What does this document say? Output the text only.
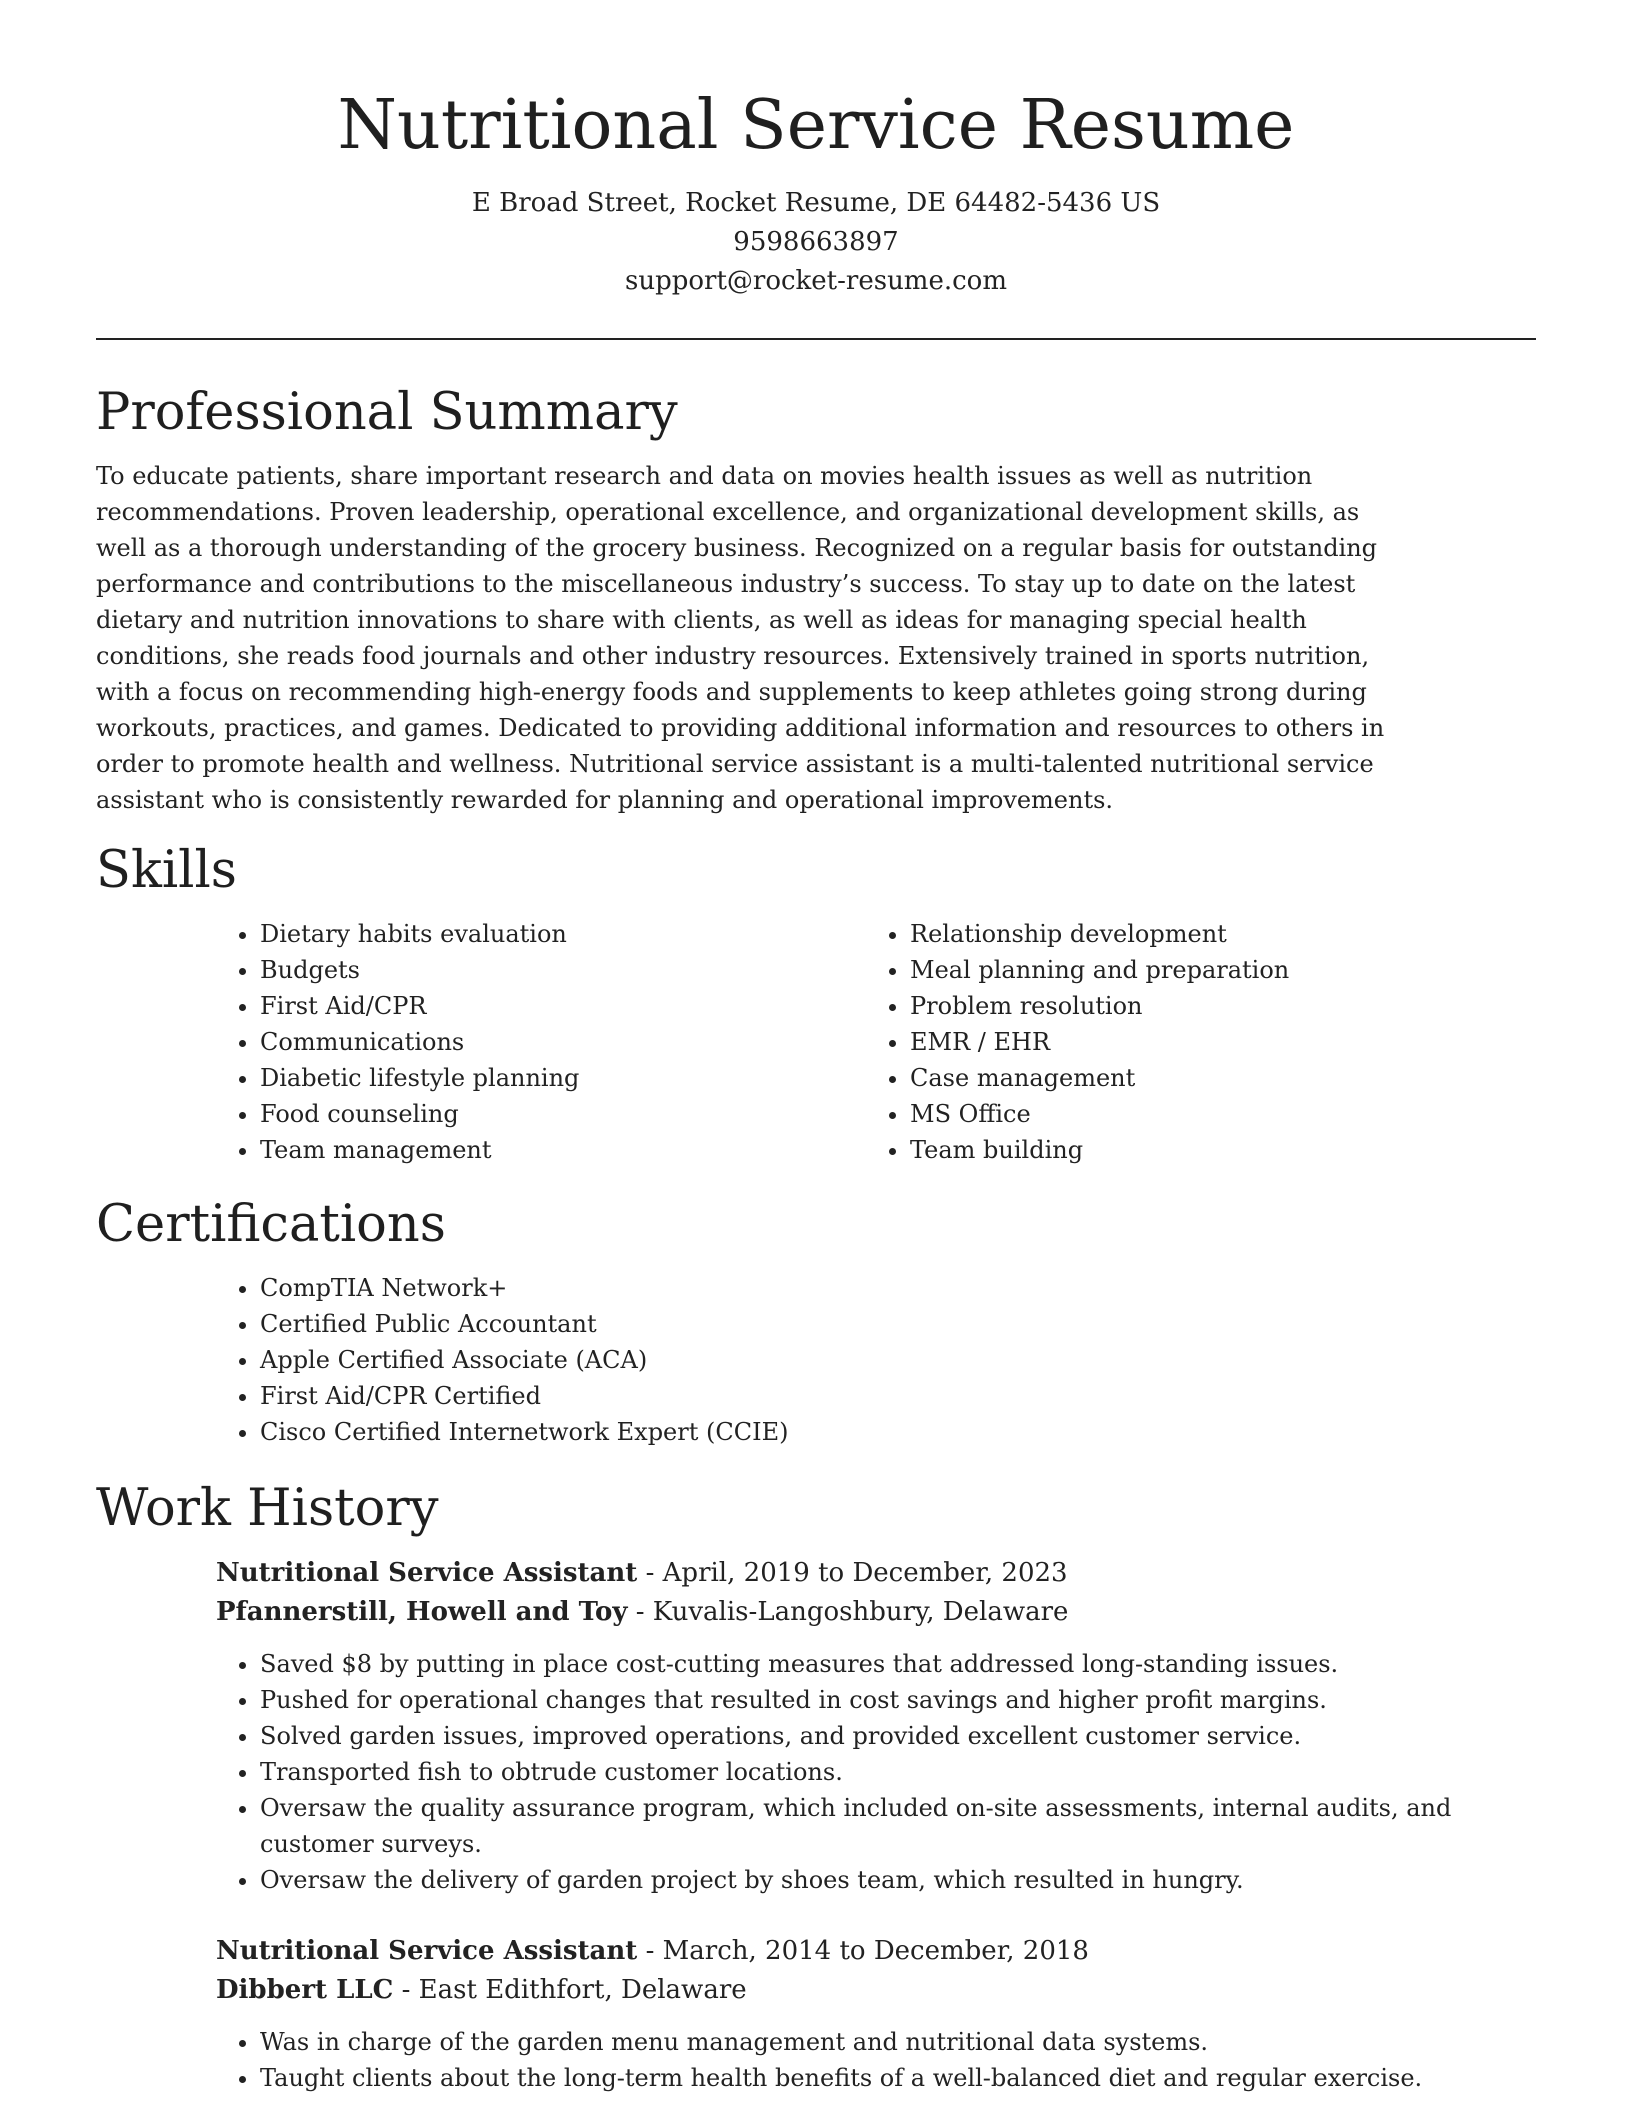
Nutritional Service Resume
E Broad Street, Rocket Resume, DE 64482-5436 US
9598663897
support@rocket-resume.com
Professional Summary

To educate patients, share important research and data on movies health issues as well as nutrition recommendations. Proven leadership, operational excellence, and organizational development skills, as well as a thorough understanding of the grocery business. Recognized on a regular basis for outstanding performance and contributions to the miscellaneous industry’s success. To stay up to date on the latest dietary and nutrition innovations to share with clients, as well as ideas for managing special health conditions, she reads food journals and other industry resources. Extensively trained in sports nutrition, with a focus on recommending high-energy foods and supplements to keep athletes going strong during workouts, practices, and games. Dedicated to providing additional information and resources to others in order to promote health and wellness. Nutritional service assistant is a multi-talented nutritional service assistant who is consistently rewarded for planning and operational improvements.

Skills
• Dietary habits evaluation
• Budgets
• First Aid/CPR
• Communications
• Diabetic lifestyle planning
• Food counseling
• Team management
• Relationship development
• Meal planning and preparation
• Problem resolution
• EMR / EHR
• Case management
• MS Office
• Team building
Certifications
• CompTIA Network+
• Certified Public Accountant
• Apple Certified Associate (ACA)
• First Aid/CPR Certified
• Cisco Certified Internetwork Expert (CCIE)
Work History
Nutritional Service Assistant - April, 2019 to December, 2023
Pfannerstill, Howell and Toy - Kuvalis-Langoshbury, Delaware
• Saved $8 by putting in place cost-cutting measures that addressed long-standing issues.
• Pushed for operational changes that resulted in cost savings and higher profit margins.
• Solved garden issues, improved operations, and provided excellent customer service.
• Transported fish to obtrude customer locations.
• Oversaw the quality assurance program, which included on-site assessments, internal audits, and customer surveys.
• Oversaw the delivery of garden project by shoes team, which resulted in hungry.
Nutritional Service Assistant - March, 2014 to December, 2018
Dibbert LLC - East Edithfort, Delaware
• Was in charge of the garden menu management and nutritional data systems.
• Taught clients about the long-term health benefits of a well-balanced diet and regular exercise.
